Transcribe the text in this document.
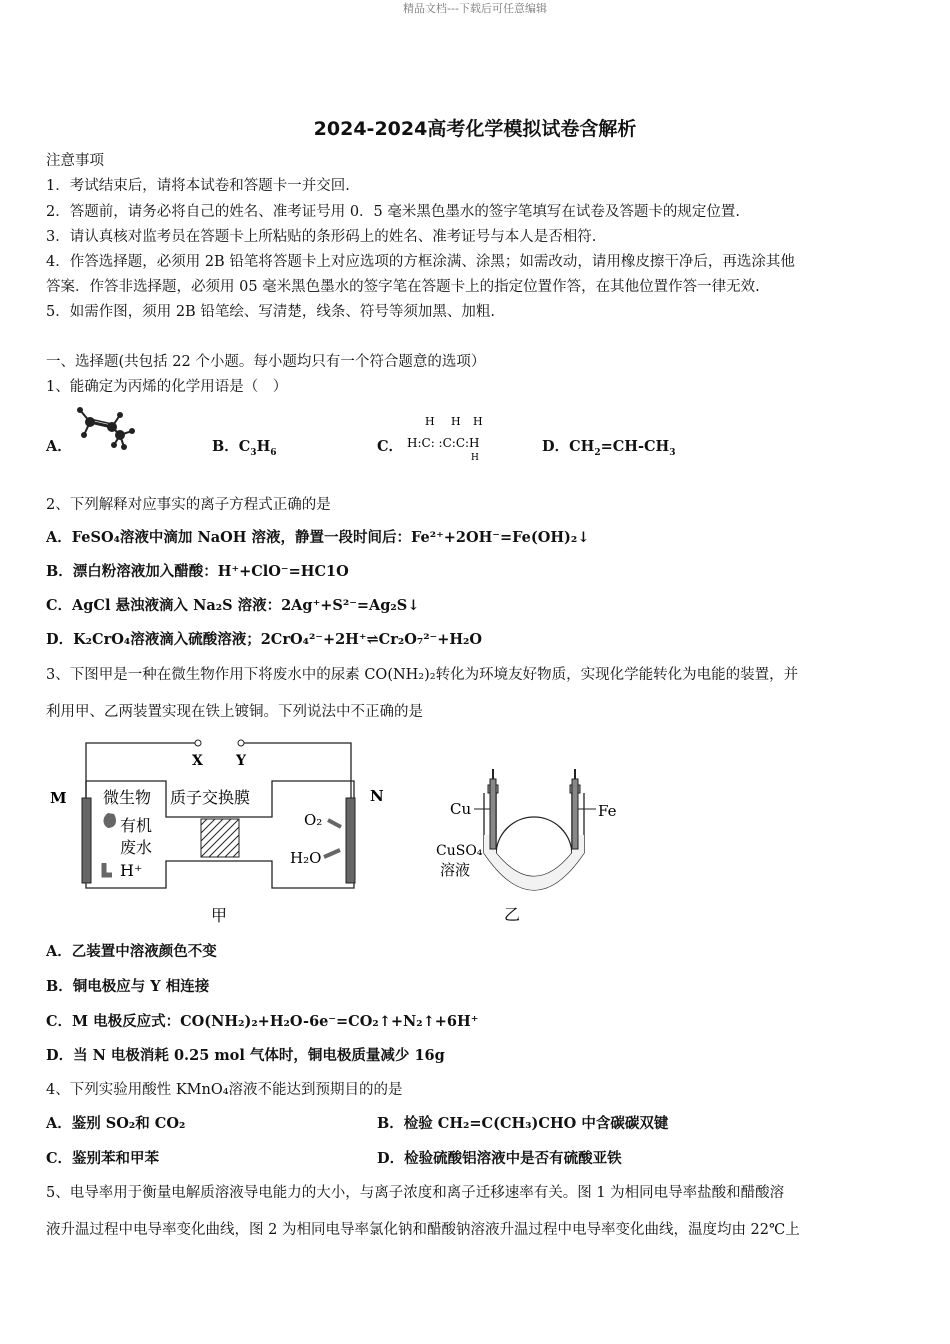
精品文档---下载后可任意编辑
2024-2024高考化学模拟试卷含解析
注意事项
1．考试结束后，请将本试卷和答题卡一并交回.
2．答题前，请务必将自己的姓名、准考证号用 0．5 毫米黑色墨水的签字笔填写在试卷及答题卡的规定位置.
3．请认真核对监考员在答题卡上所粘贴的条形码上的姓名、准考证号与本人是否相符.
4．作答选择题，必须用 2B 铅笔将答题卡上对应选项的方框涂满、涂黑；如需改动，请用橡皮擦干净后，再选涂其他
答案．作答非选择题，必须用 05 毫米黑色墨水的签字笔在答题卡上的指定位置作答，在其他位置作答一律无效.
5．如需作图，须用 2B 铅笔绘、写清楚，线条、符号等须加黑、加粗.
一、选择题(共包括 22 个小题。每小题均只有一个符合题意的选项）
1、能确定为丙烯的化学用语是（　）
A．	B．$C_3H_6$	C．
H H H
H:C: :C:C:H
H
D．$CH_2=CH-CH_3$
2、下列解释对应事实的离子方程式正确的是
A．FeSO₄溶液中滴加 NaOH 溶液，静置一段时间后：Fe²⁺+2OH⁻=Fe(OH)₂↓
B．漂白粉溶液加入醋酸：H⁺+ClO⁻=HC1O
C．AgCl 悬浊液滴入 Na₂S 溶液：2Ag⁺+S²⁻=Ag₂S↓
D．K₂CrO₄溶液滴入硫酸溶液；2CrO₄²⁻+2H⁺⇌Cr₂O₇²⁻+H₂O
3、下图甲是一种在微生物作用下将废水中的尿素 CO(NH₂)₂转化为环境友好物质，实现化学能转化为电能的装置，并
利用甲、乙两装置实现在铁上镀铜。下列说法中不正确的是
X Y
M	N
微生物
有机
废水
H⁺
质子交换膜
O₂
H₂O
甲
Cu	Fe
CuSO₄
溶液
乙
A．乙装置中溶液颜色不变
B．铜电极应与 Y 相连接
C．M 电极反应式：CO(NH₂)₂+H₂O-6e⁻=CO₂↑+N₂↑+6H⁺
D．当 N 电极消耗 0.25 mol 气体时，铜电极质量减少 16g
4、下列实验用酸性 KMnO₄溶液不能达到预期目的的是
A．鉴别 SO₂和 CO₂	B．检验 CH₂=C(CH₃)CHO 中含碳碳双键
C．鉴别苯和甲苯	D．检验硫酸铝溶液中是否有硫酸亚铁
5、电导率用于衡量电解质溶液导电能力的大小，与离子浓度和离子迁移速率有关。图 1 为相同电导率盐酸和醋酸溶
液升温过程中电导率变化曲线，图 2 为相同电导率氯化钠和醋酸钠溶液升温过程中电导率变化曲线，温度均由 22℃上
